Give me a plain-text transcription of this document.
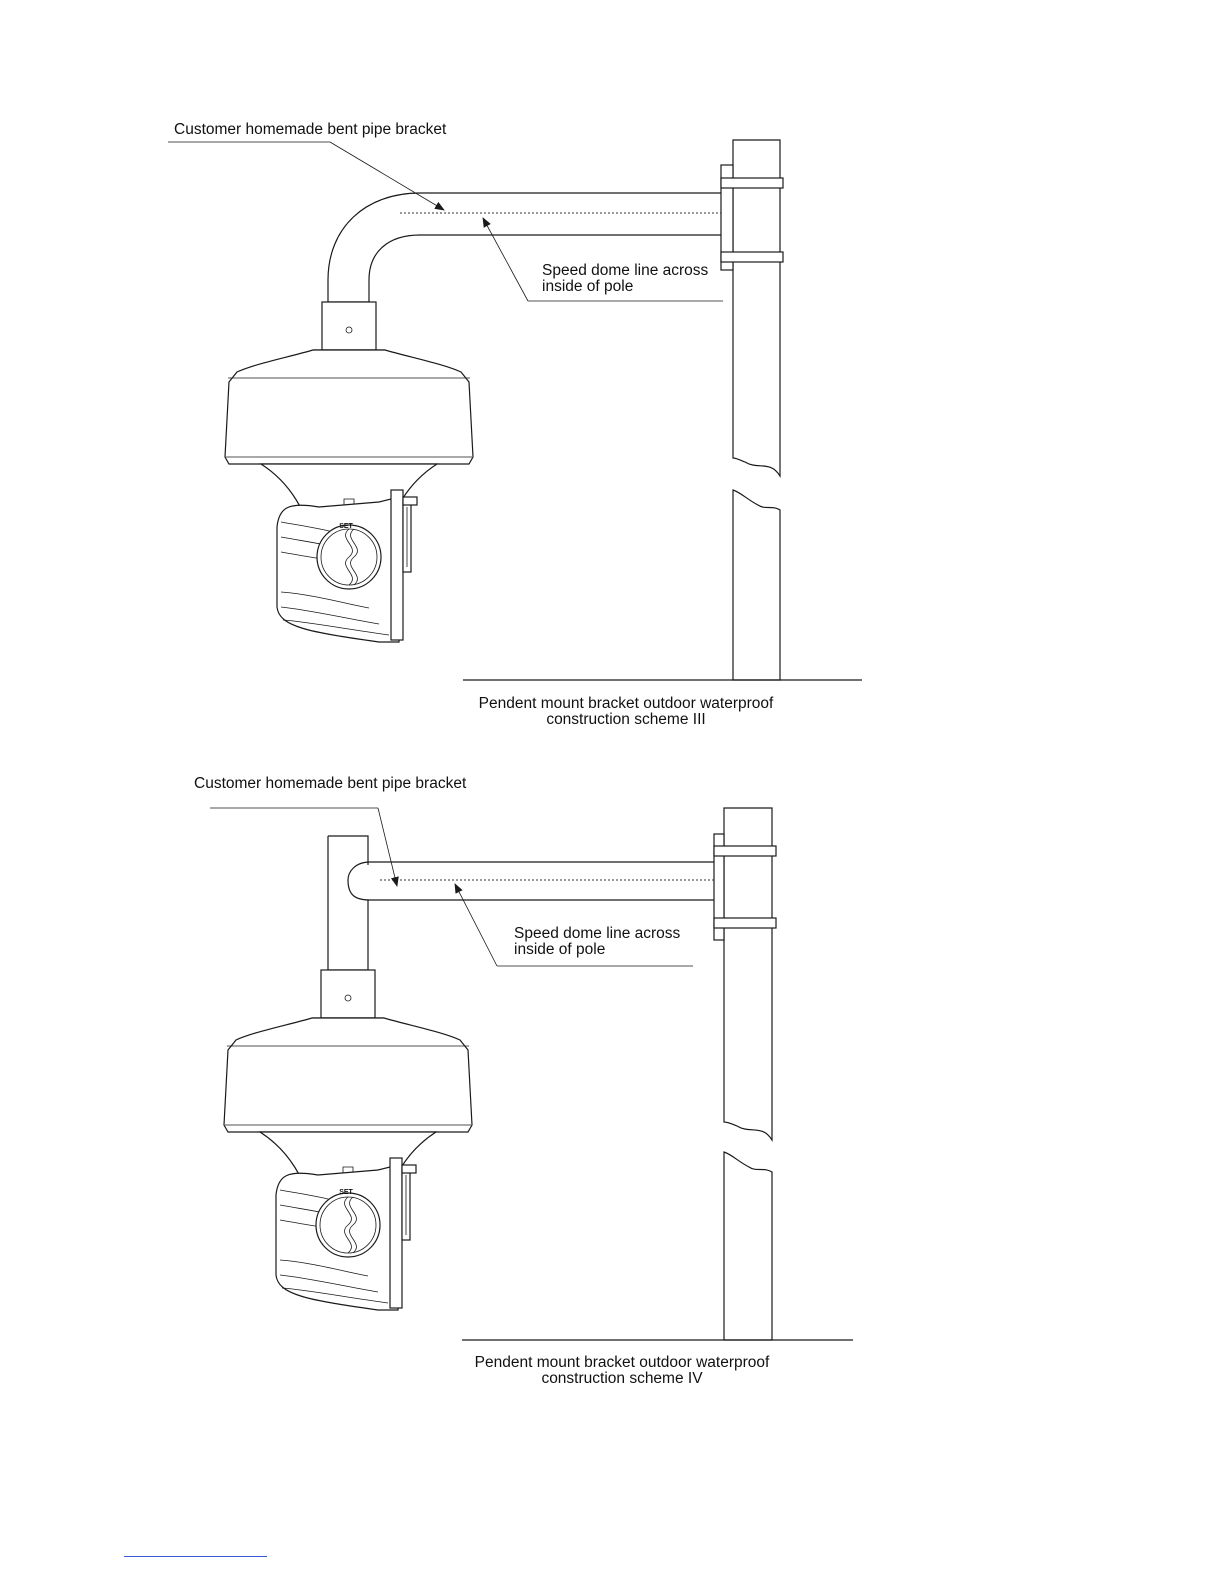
SET
Customer homemade bent pipe bracket
Speed dome line across
inside of pole
Pendent mount bracket outdoor waterproof
construction scheme III
SET
Customer homemade bent pipe bracket
Speed dome line across
inside of pole
Pendent mount bracket outdoor waterproof
construction scheme IV
